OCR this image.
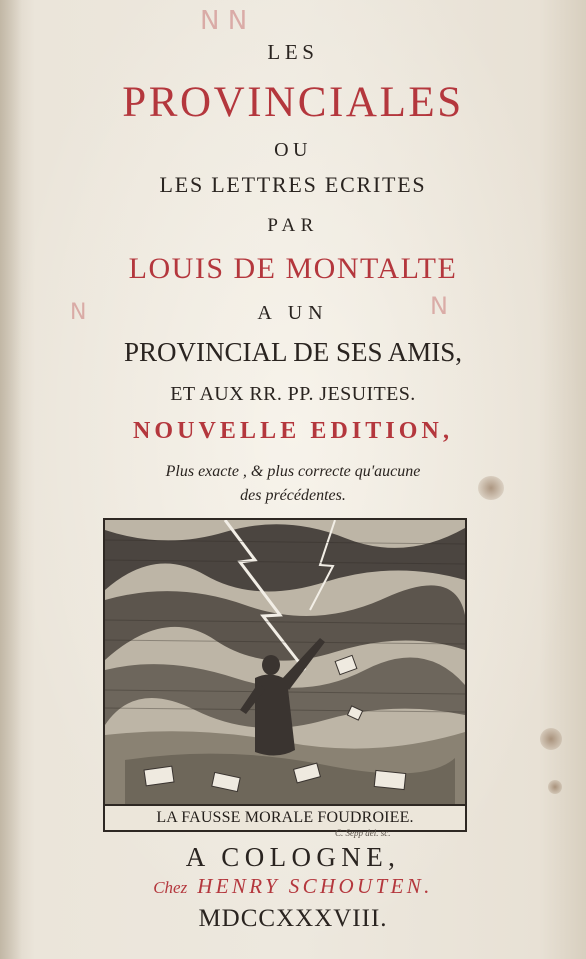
N N
N	N
LES
PROVINCIALES
OU
LES LETTRES ECRITES
PAR
LOUIS DE MONTALTE
A UN
PROVINCIAL DE SES AMIS,
ET AUX RR. PP. JESUITES.
NOUVELLE EDITION,
Plus exacte , & plus correcte qu'aucune
des précédentes.
LA FAUSSE MORALE FOUDROIEE.
C. Sepp del. sc.
A COLOGNE,
Chez HENRY SCHOUTEN.
MDCCXXXVIII.
